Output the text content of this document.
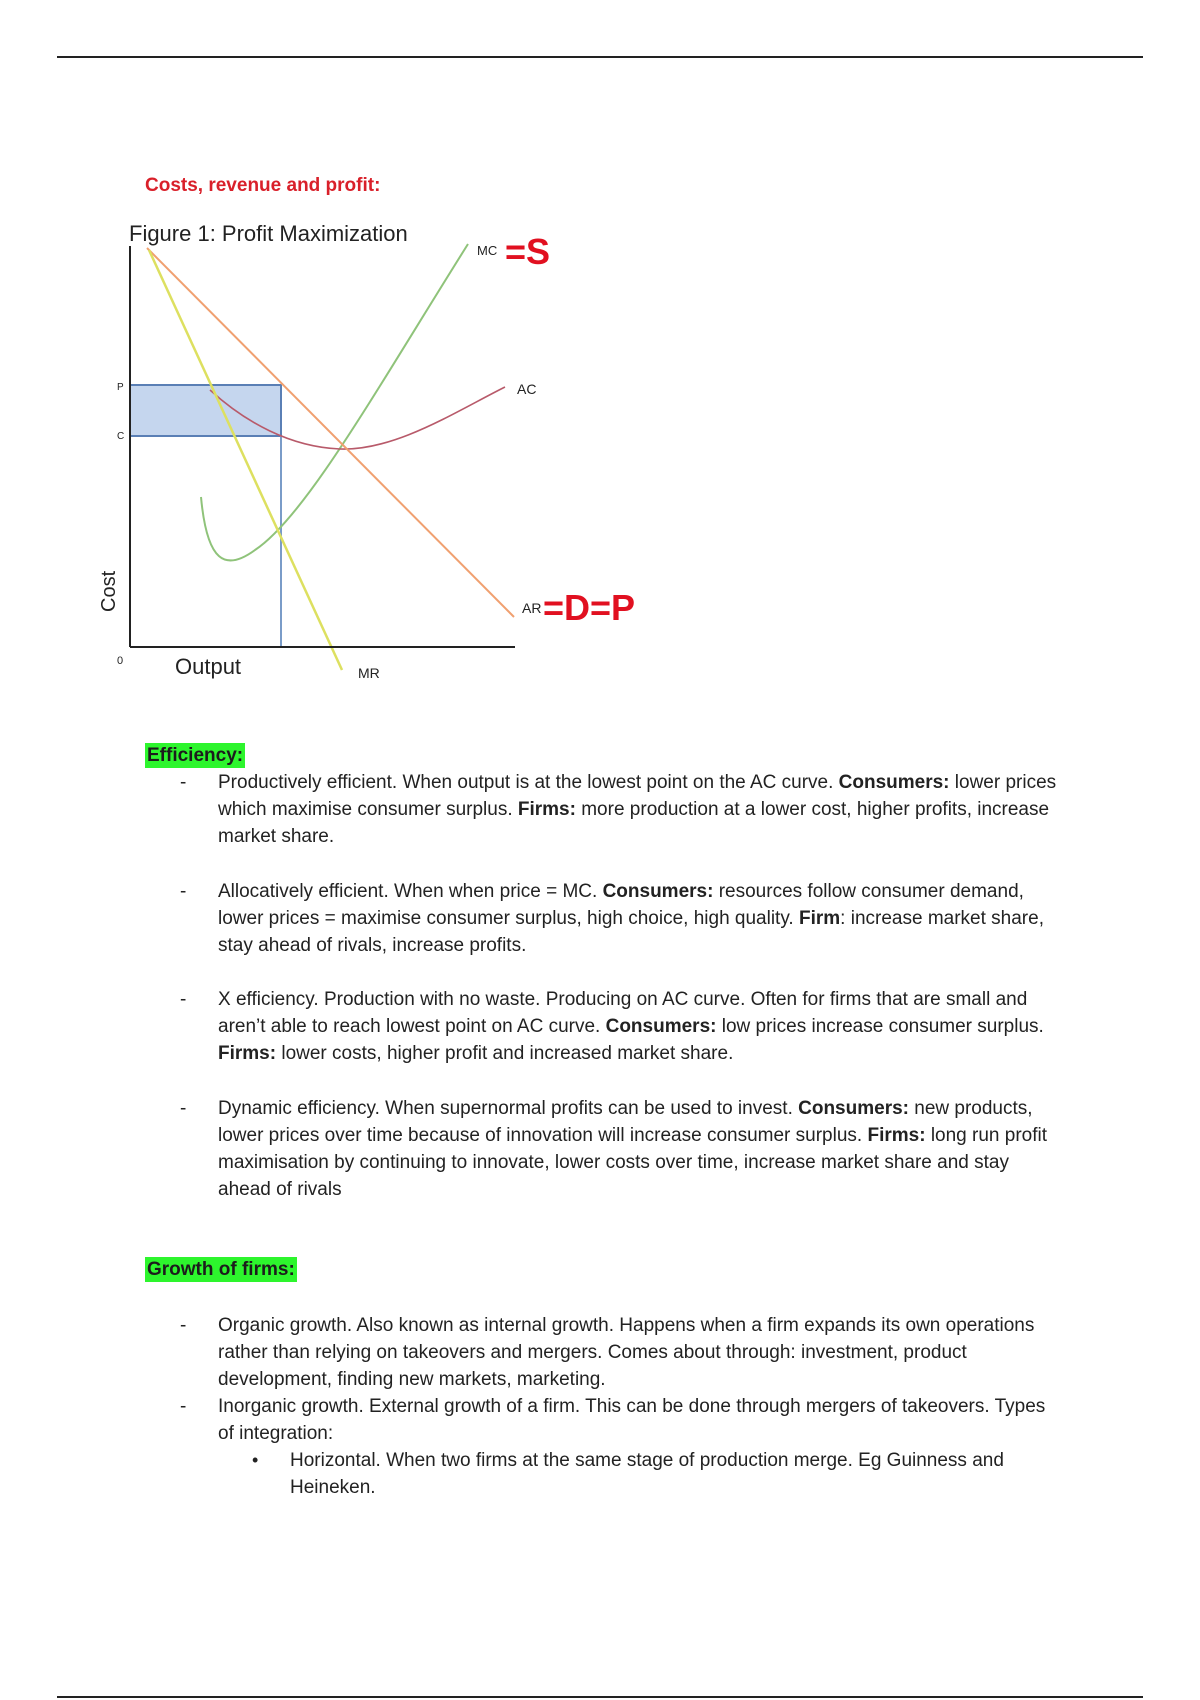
Costs, revenue and profit:
Figure 1: Profit Maximization
P
C
0
Cost
Output
MC
AC
AR
MR
=S
=D=P
Efficiency:
- Productively efficient. When output is at the lowest point on the AC curve. Consumers: lower prices which maximise consumer surplus. Firms: more production at a lower cost, higher profits, increase market share.
- Allocatively efficient. When when price = MC. Consumers: resources follow consumer demand, lower prices = maximise consumer surplus, high choice, high quality. Firm: increase market share, stay ahead of rivals, increase profits.
- X efficiency. Production with no waste. Producing on AC curve. Often for firms that are small and aren’t able to reach lowest point on AC curve. Consumers: low prices increase consumer surplus. Firms: lower costs, higher profit and increased market share.
- Dynamic efficiency. When supernormal profits can be used to invest. Consumers: new products, lower prices over time because of innovation will increase consumer surplus. Firms: long run profit maximisation by continuing to innovate, lower costs over time, increase market share and stay ahead of rivals
Growth of firms:
- Organic growth. Also known as internal growth. Happens when a firm expands its own operations rather than relying on takeovers and mergers. Comes about through: investment, product development, finding new markets, marketing.
- Inorganic growth. External growth of a firm. This can be done through mergers of takeovers. Types of integration:
• Horizontal. When two firms at the same stage of production merge. Eg Guinness and Heineken.
